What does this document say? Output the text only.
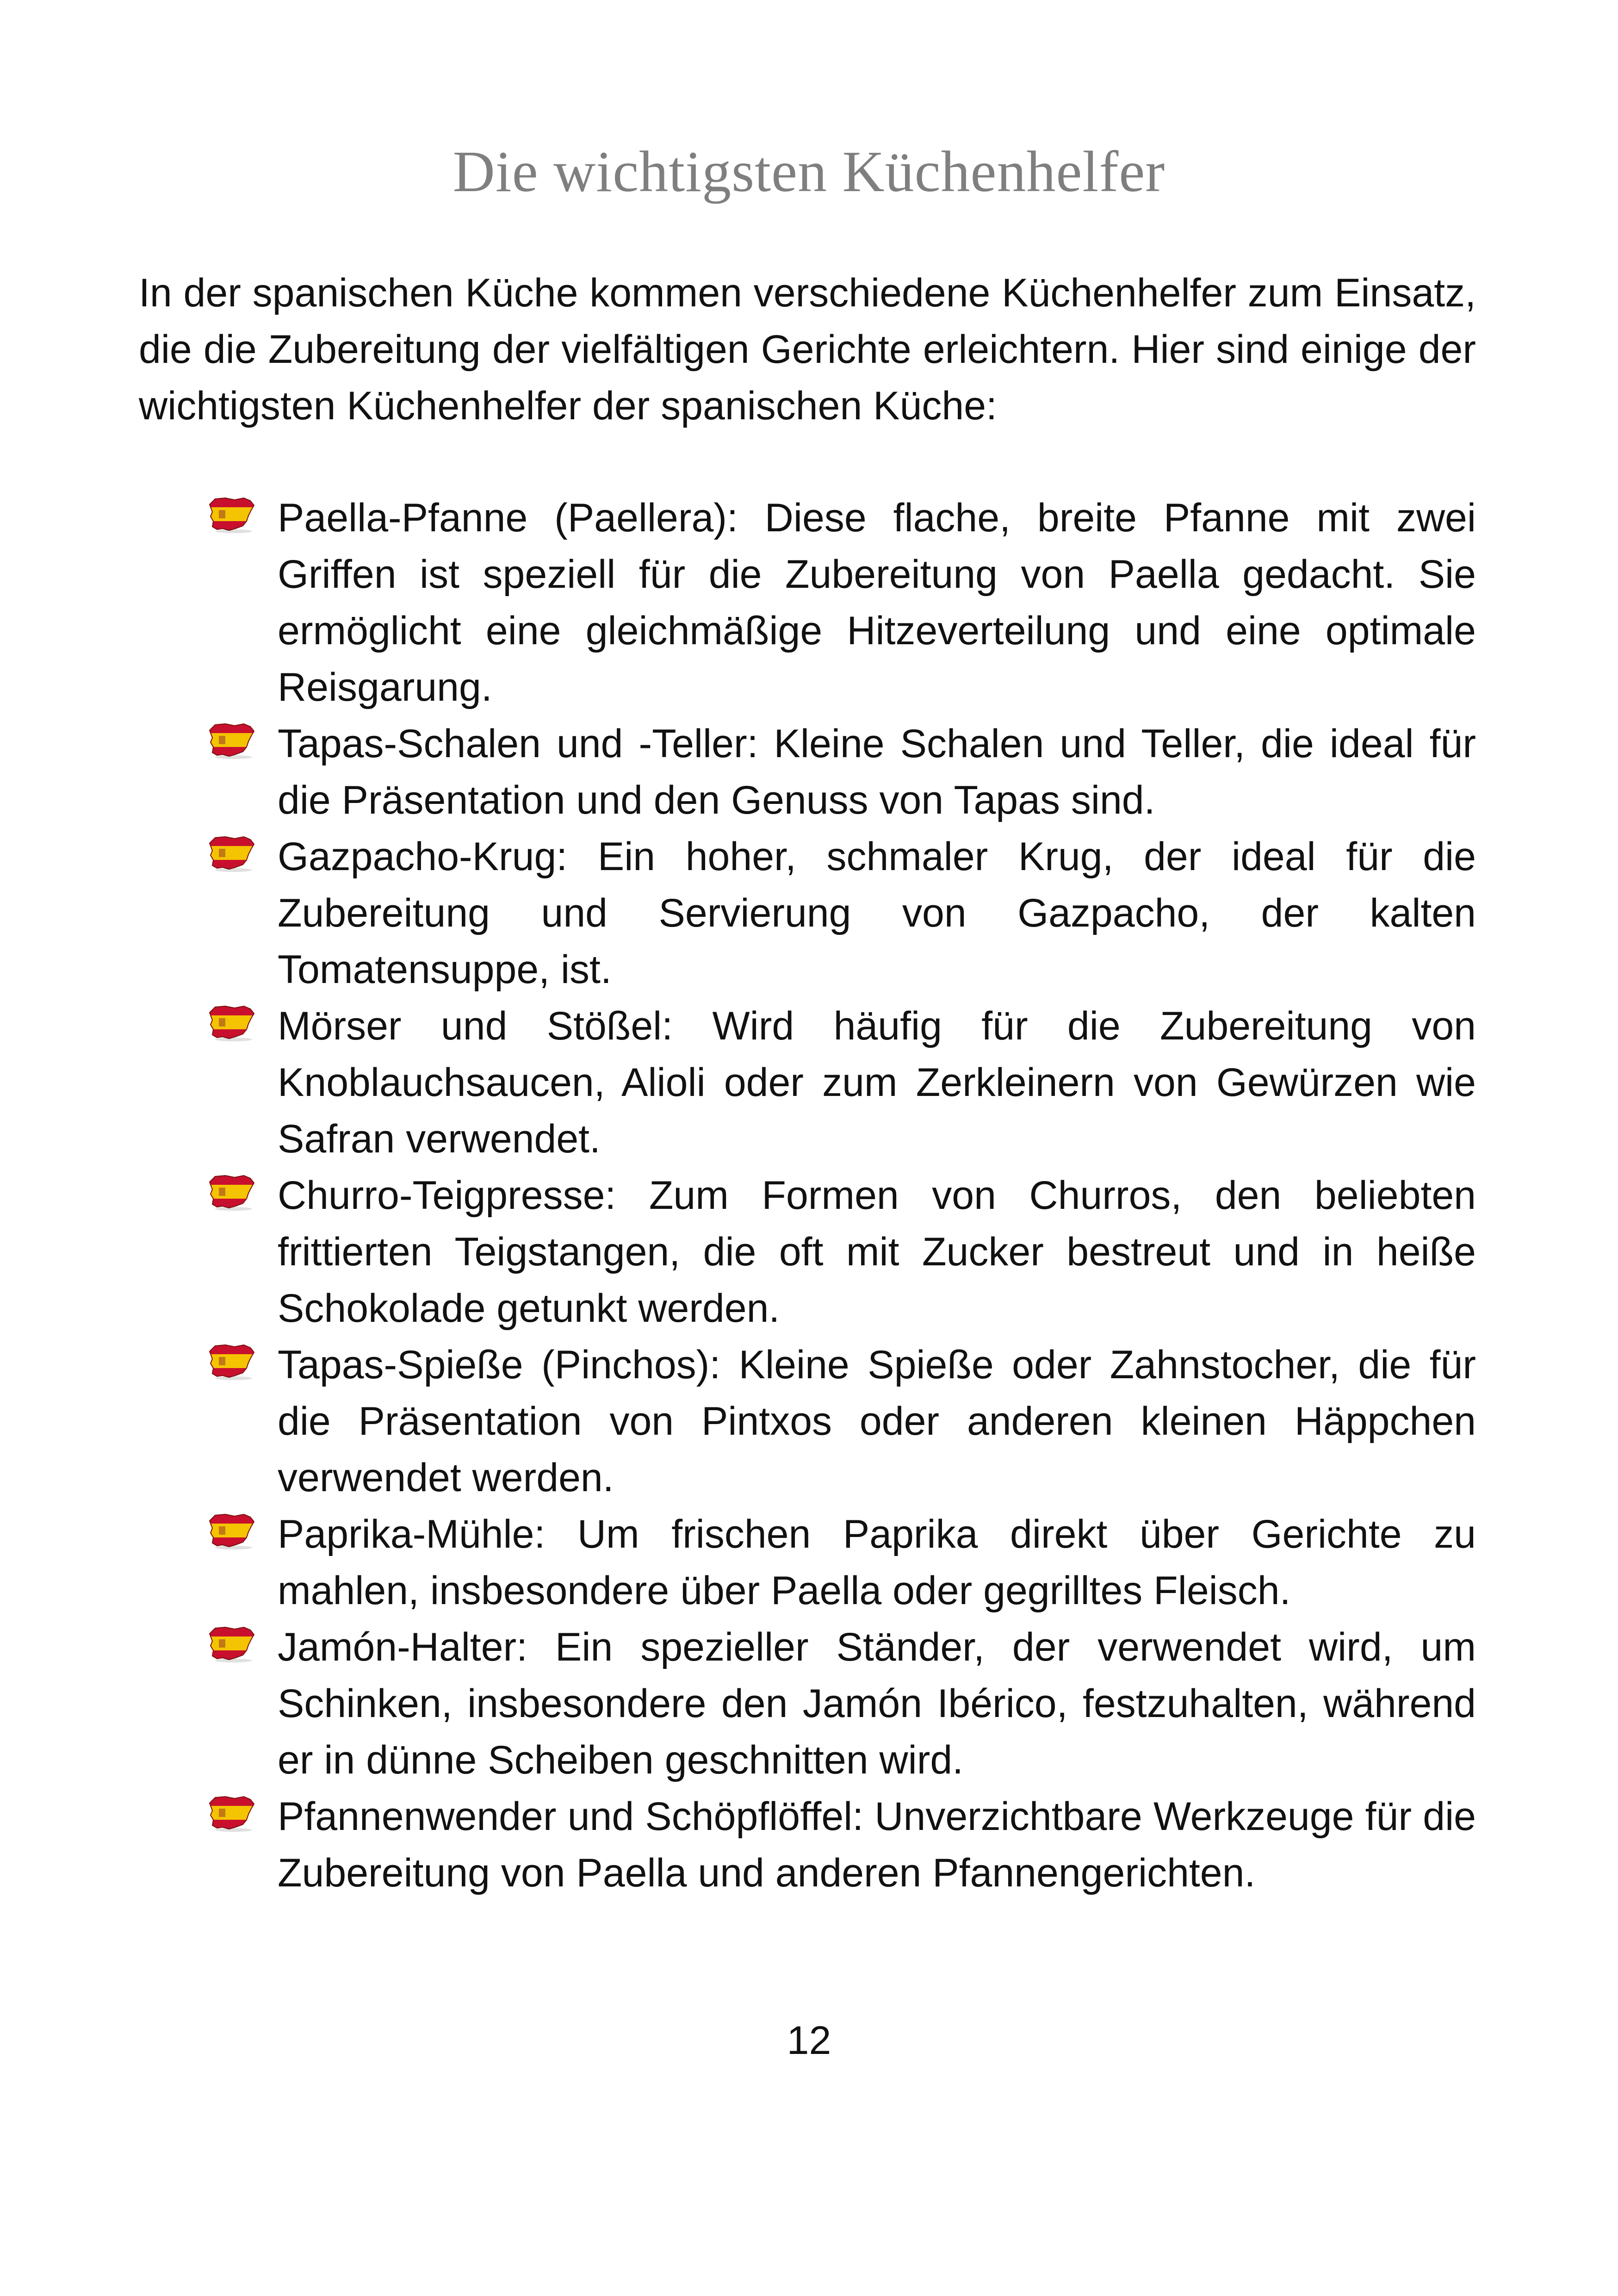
Die wichtigsten Küchenhelfer

In der spanischen Küche kommen verschiedene Küchenhelfer zum Einsatz, die die Zubereitung der vielfältigen Gerichte erleichtern. Hier sind einige der wichtigsten Küchenhelfer der spanischen Küche:

Paella-Pfanne (Paellera): Diese flache, breite Pfanne mit zwei Griffen ist speziell für die Zubereitung von Paella gedacht. Sie ermöglicht eine gleichmäßige Hitzeverteilung und eine optimale Reisgarung.
Tapas-Schalen und -Teller: Kleine Schalen und Teller, die ideal für die Präsentation und den Genuss von Tapas sind.
Gazpacho-Krug: Ein hoher, schmaler Krug, der ideal für die Zubereitung und Servierung von Gazpacho, der kalten Tomatensuppe, ist.
Mörser und Stößel: Wird häufig für die Zubereitung von Knoblauchsaucen, Alioli oder zum Zerkleinern von Gewürzen wie Safran verwendet.
Churro-Teigpresse: Zum Formen von Churros, den beliebten frittierten Teigstangen, die oft mit Zucker bestreut und in heiße Schokolade getunkt werden.
Tapas-Spieße (Pinchos): Kleine Spieße oder Zahnstocher, die für die Präsentation von Pintxos oder anderen kleinen Häppchen verwendet werden.
Paprika-Mühle: Um frischen Paprika direkt über Gerichte zu mahlen, insbesondere über Paella oder gegrilltes Fleisch.
Jamón-Halter: Ein spezieller Ständer, der verwendet wird, um Schinken, insbesondere den Jamón Ibérico, festzuhalten, während er in dünne Scheiben geschnitten wird.
Pfannenwender und Schöpflöffel: Unverzichtbare Werkzeuge für die Zubereitung von Paella und anderen Pfannengerichten.

12
